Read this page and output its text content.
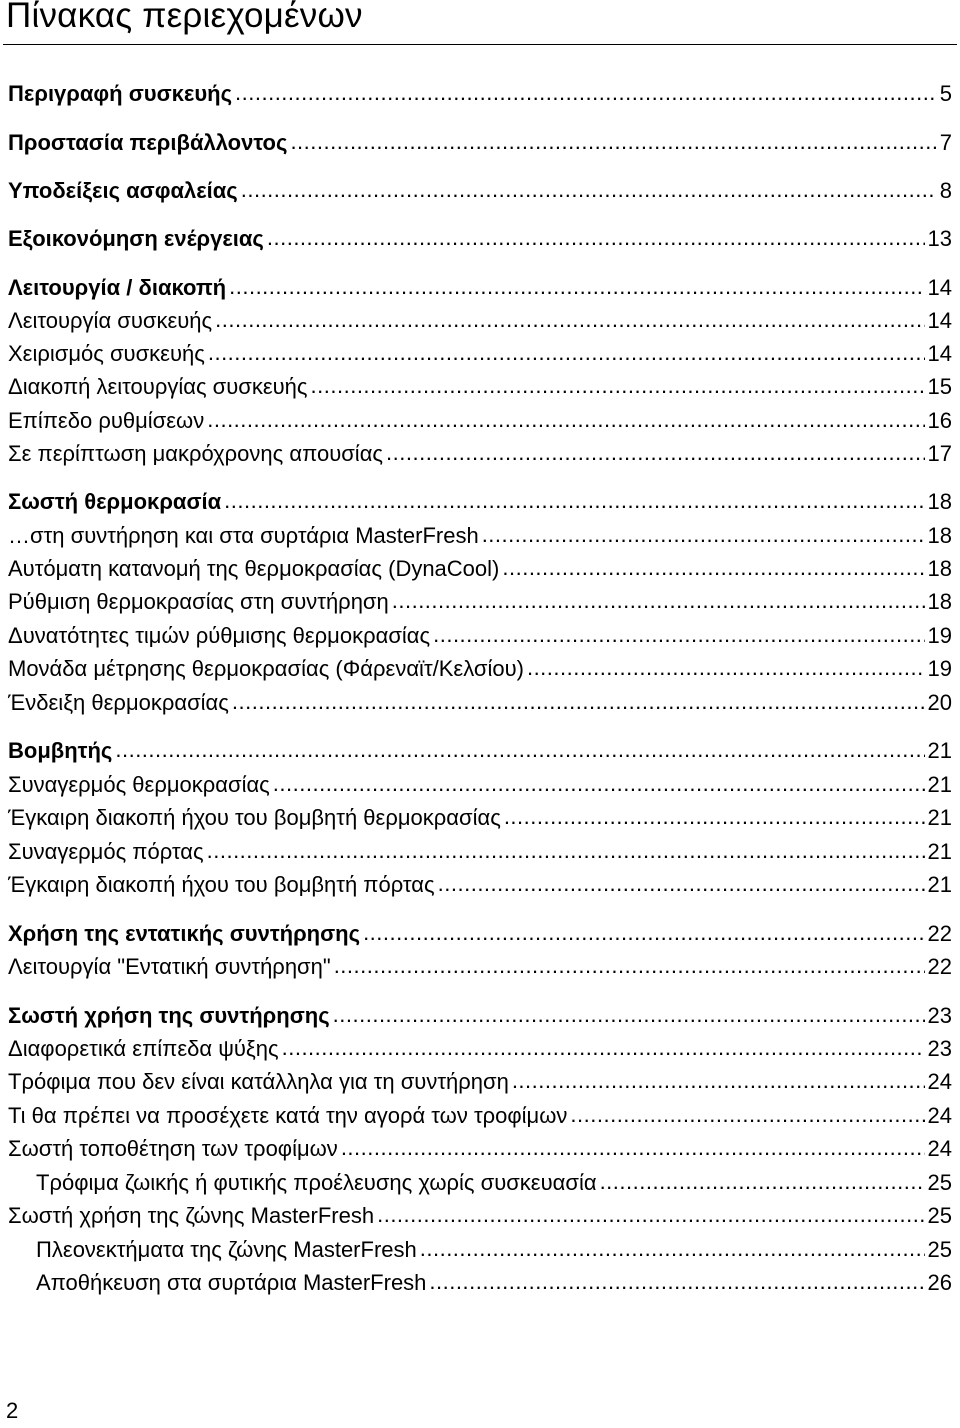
Πίνακας περιεχομένων
Περιγραφή συσκευής .....	5
Προστασία περιβάλλοντος .....	7
Υποδείξεις ασφαλείας .....	8
Εξοικονόμηση ενέργειας .....	13
Λειτουργία / διακοπή .....	14
Λειτουργία συσκευής .....	14
Χειρισμός συσκευής .....	14
Διακοπή λειτουργίας συσκευής .....	15
Επίπεδο ρυθμίσεων .....	16
Σε περίπτωση μακρόχρονης απουσίας .....	17
Σωστή θερμοκρασία .....	18
…στη συντήρηση και στα συρτάρια MasterFresh .....	18
Αυτόματη κατανομή της θερμοκρασίας (DynaCool) .....	18
Ρύθμιση θερμοκρασίας στη συντήρηση .....	18
Δυνατότητες τιμών ρύθμισης θερμοκρασίας .....	19
Μονάδα μέτρησης θερμοκρασίας (Φάρεναϊτ/Κελσίου) .....	19
Ένδειξη θερμοκρασίας .....	20
Βομβητής .....	21
Συναγερμός θερμοκρασίας .....	21
Έγκαιρη διακοπή ήχου του βομβητή θερμοκρασίας .....	21
Συναγερμός πόρτας .....	21
Έγκαιρη διακοπή ήχου του βομβητή πόρτας .....	21
Χρήση της εντατικής συντήρησης .....	22
Λειτουργία "Εντατική συντήρηση" .....	22
Σωστή χρήση της συντήρησης .....	23
Διαφορετικά επίπεδα ψύξης .....	23
Τρόφιμα που δεν είναι κατάλληλα για τη συντήρηση .....	24
Τι θα πρέπει να προσέχετε κατά την αγορά των τροφίμων .....	24
Σωστή τοποθέτηση των τροφίμων .....	24
Τρόφιμα ζωικής ή φυτικής προέλευσης χωρίς συσκευασία .....	25
Σωστή χρήση της ζώνης MasterFresh .....	25
Πλεονεκτήματα της ζώνης MasterFresh .....	25
Αποθήκευση στα συρτάρια MasterFresh .....	26
2
